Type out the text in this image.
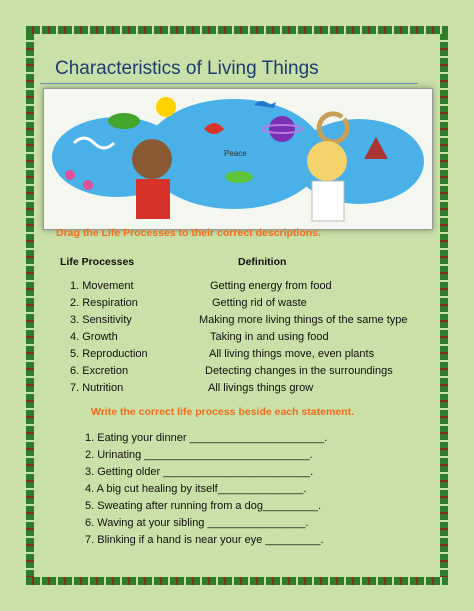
Characteristics of Living Things
Peace
Drag the Life Processes to their correct descriptions.
Life Processes	Definition
1. Movement
2. Respiration
3. Sensitivity
4. Growth
5. Reproduction
6. Excretion
7. Nutrition
Getting energy from food
Getting rid of waste
Making more living things of the same type
Taking in and using food
All living things move, even plants
Detecting changes in the surroundings
All livings things grow
Write the correct life process beside each statement.
1. Eating your dinner ______________________.
2. Urinating ___________________________.
3. Getting older ________________________.
4. A big cut healing by itself______________.
5. Sweating after running from a dog_________.
6. Waving at your sibling ________________.
7. Blinking if a hand is near your eye _________.
